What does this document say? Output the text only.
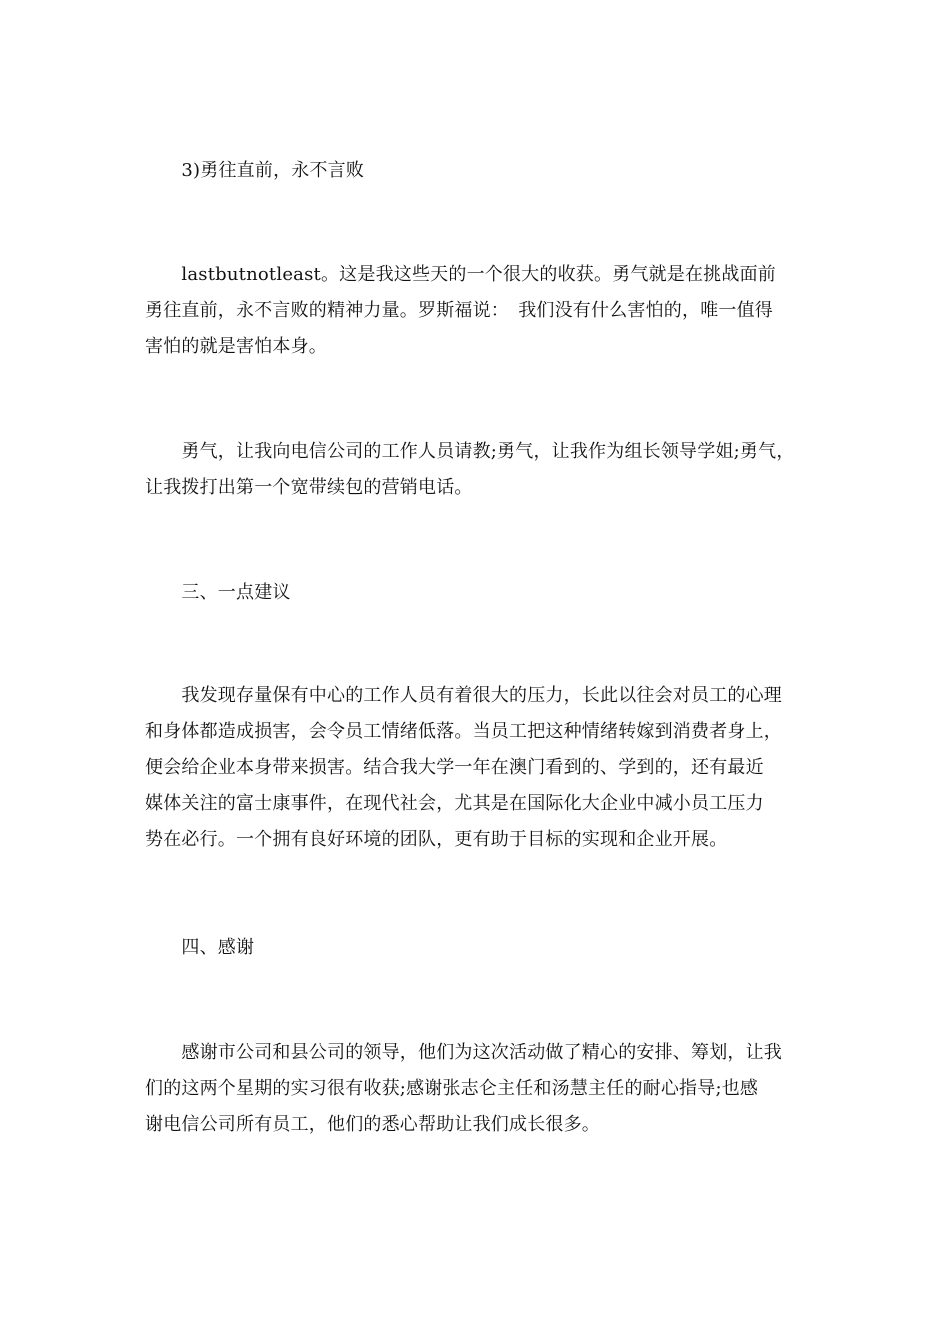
　　3)勇往直前，永不言败
　　lastbutnotleast。这是我这些天的一个很大的收获。勇气就是在挑战面前
勇往直前，永不言败的精神力量。罗斯福说：　我们没有什么害怕的，唯一值得
害怕的就是害怕本身。
　　勇气，让我向电信公司的工作人员请教;勇气，让我作为组长领导学姐;勇气，
让我拨打出第一个宽带续包的营销电话。
　　三、一点建议
　　我发现存量保有中心的工作人员有着很大的压力，长此以往会对员工的心理
和身体都造成损害，会令员工情绪低落。当员工把这种情绪转嫁到消费者身上，
便会给企业本身带来损害。结合我大学一年在澳门看到的、学到的，还有最近
媒体关注的富士康事件，在现代社会，尤其是在国际化大企业中减小员工压力
势在必行。一个拥有良好环境的团队，更有助于目标的实现和企业开展。
　　四、感谢
　　感谢市公司和县公司的领导，他们为这次活动做了精心的安排、筹划，让我
们的这两个星期的实习很有收获;感谢张志仑主任和汤慧主任的耐心指导;也感
谢电信公司所有员工，他们的悉心帮助让我们成长很多。
